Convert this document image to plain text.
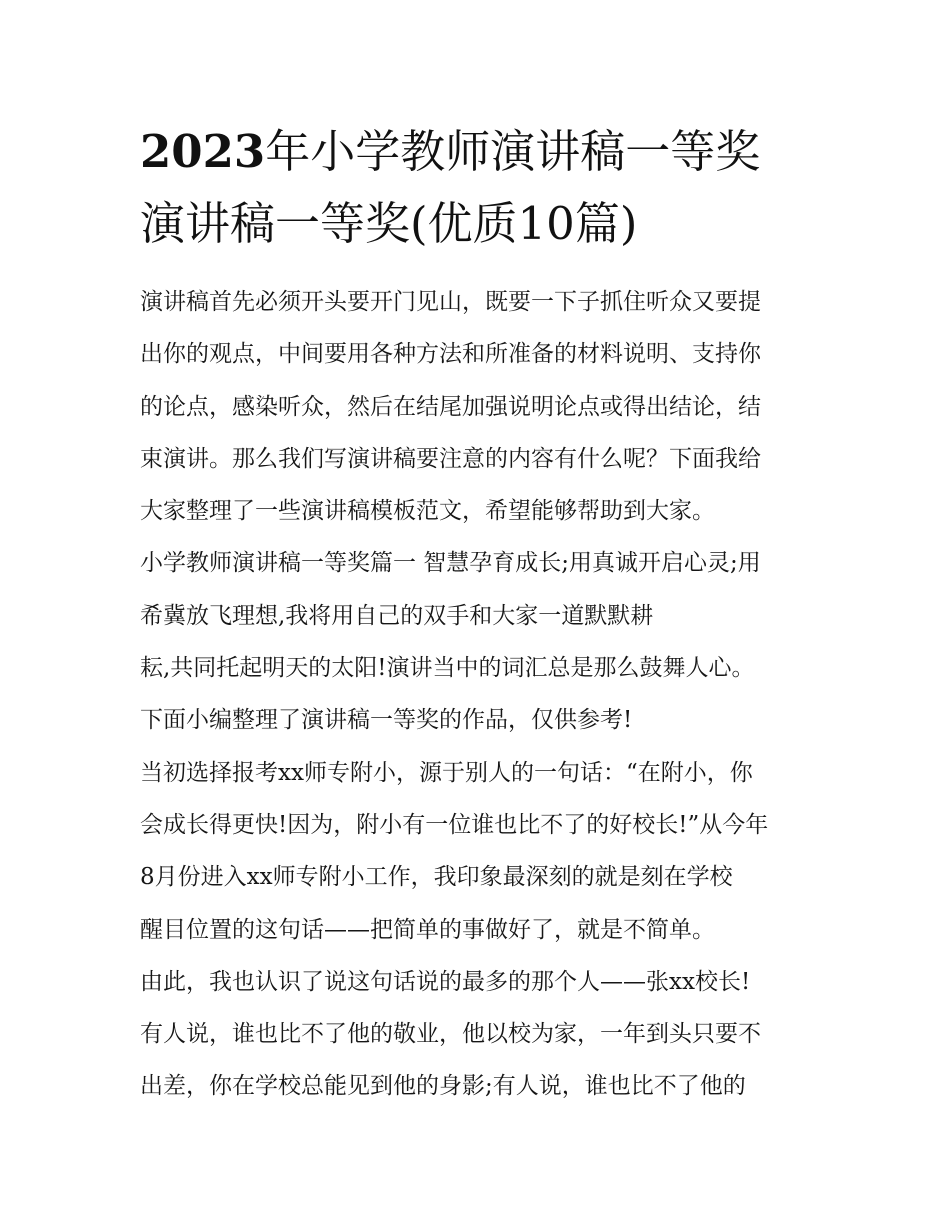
2023年小学教师演讲稿一等奖
演讲稿一等奖(优质10篇)
演讲稿首先必须开头要开门见山，既要一下子抓住听众又要提
出你的观点，中间要用各种方法和所准备的材料说明、支持你
的论点，感染听众，然后在结尾加强说明论点或得出结论，结
束演讲。那么我们写演讲稿要注意的内容有什么呢？下面我给
大家整理了一些演讲稿模板范文，希望能够帮助到大家。
小学教师演讲稿一等奖篇一 智慧孕育成长;用真诚开启心灵;用
希冀放飞理想,我将用自己的双手和大家一道默默耕
耘,共同托起明天的太阳!演讲当中的词汇总是那么鼓舞人心。
下面小编整理了演讲稿一等奖的作品，仅供参考!
当初选择报考xx师专附小，源于别人的一句话：“在附小，你
会成长得更快!因为，附小有一位谁也比不了的好校长!”从今年
8月份进入xx师专附小工作，我印象最深刻的就是刻在学校
醒目位置的这句话——把简单的事做好了，就是不简单。
由此，我也认识了说这句话说的最多的那个人——张xx校长!
有人说，谁也比不了他的敬业，他以校为家，一年到头只要不
出差，你在学校总能见到他的身影;有人说，谁也比不了他的
